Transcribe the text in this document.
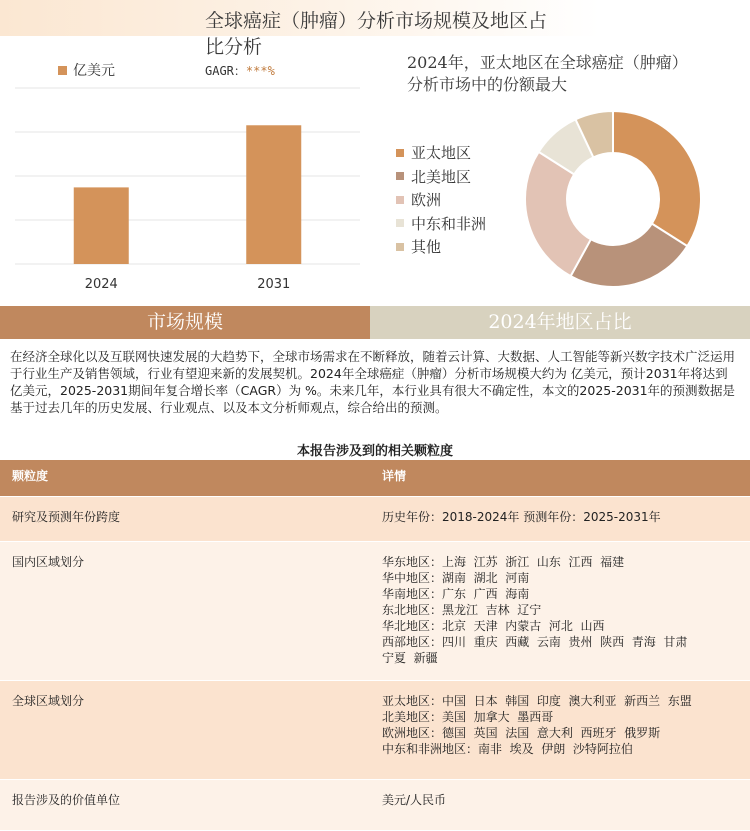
全球癌症（肿瘤）分析市场规模及地区占
比分析
亿美元	GAGR：***%
2024	2031
2024年，亚太地区在全球癌症（肿瘤）
分析市场中的份额最大
亚太地区
北美地区
欧洲
中东和非洲
其他
市场规模	2024年地区占比
在经济全球化以及互联网快速发展的大趋势下，全球市场需求在不断释放，随着云计算、大数据、人工智能等新兴数字技术广泛运用于行业生产及销售领域，行业有望迎来新的发展契机。2024年全球癌症（肿瘤）分析市场规模大约为 亿美元，预计2031年将达到 亿美元，2025-2031期间年复合增长率（CAGR）为 %。未来几年，本行业具有很大不确定性，本文的2025-2031年的预测数据是基于过去几年的历史发展、行业观点、以及本文分析师观点，综合给出的预测。
本报告涉及到的相关颗粒度
颗粒度	详情
研究及预测年份跨度	历史年份：2018-2024年 预测年份：2025-2031年
国内区域划分	华东地区：上海  江苏  浙江  山东  江西  福建
华中地区：湖南  湖北  河南
华南地区：广东  广西  海南
东北地区：黑龙江  吉林  辽宁
华北地区：北京  天津  内蒙古  河北  山西
西部地区：四川  重庆  西藏  云南  贵州  陕西  青海  甘肃
宁夏  新疆
全球区域划分	亚太地区：中国  日本  韩国  印度  澳大利亚  新西兰  东盟
北美地区：美国  加拿大  墨西哥
欧洲地区：德国  英国  法国  意大利  西班牙  俄罗斯
中东和非洲地区：南非  埃及  伊朗  沙特阿拉伯
报告涉及的价值单位	美元/人民币
